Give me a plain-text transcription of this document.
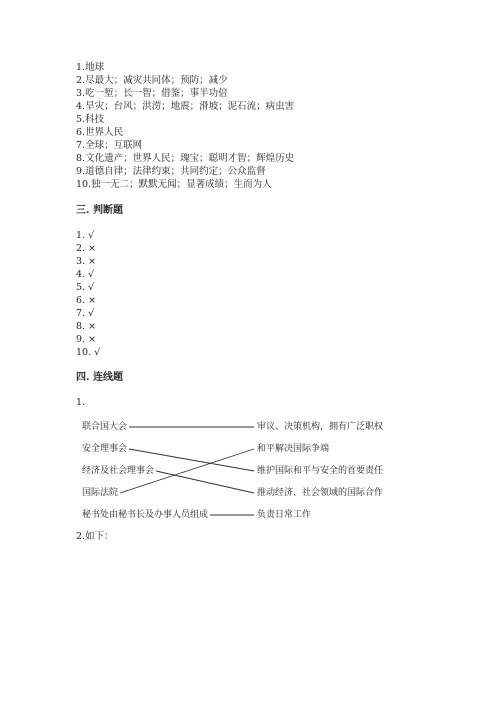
1.地球
2.尽最大；减灾共同体；预防；减少
3.吃一堑；长一智；借鉴；事半功倍
4.旱灾；台风；洪涝；地震；滑坡；泥石流；病虫害
5.科技
6.世界人民
7.全球；互联网
8.文化遗产；世界人民；瑰宝；聪明才智；辉煌历史
9.道德自律；法律约束；共同约定；公众监督
10.独一无二；默默无闻；显著成绩；生而为人
三. 判断题
1. √
2. ×
3. ×
4. √
5. √
6. ×
7. √
8. ×
9. ×
10. √
四. 连线题
1.
联合国大会
安全理事会
经济及社会理事会
国际法院
秘书处由秘书长及办事人员组成
审议、决策机构，拥有广泛职权
和平解决国际争端
维护国际和平与安全的首要责任
推动经济、社会领域的国际合作
负责日常工作
2.如下：
